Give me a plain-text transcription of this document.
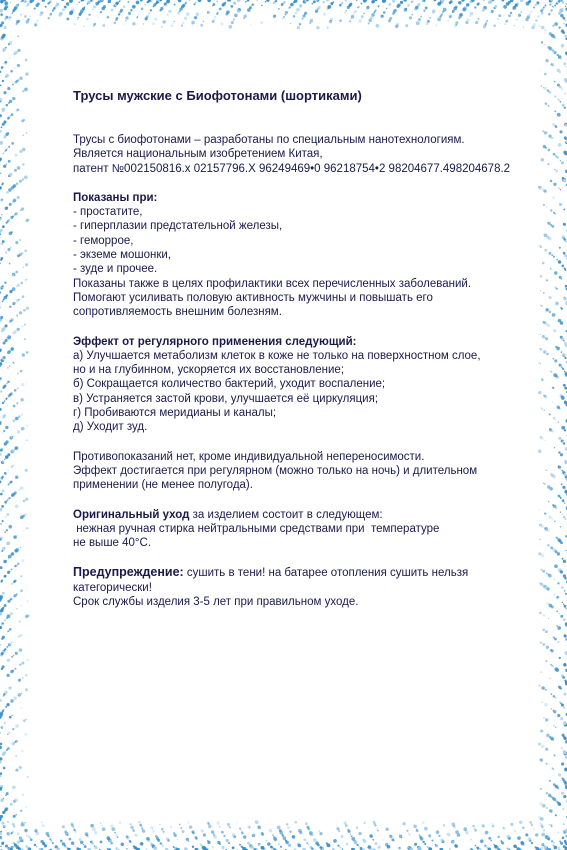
Трусы мужские с Биофотонами (шортиками)

Трусы с биофотонами – разработаны по специальным нанотехнологиям.
Является национальным изобретением Китая,
патент №002150816.х 02157796.Х 96249469•0 96218754•2 98204677.498204678.2
Показаны при:
- простатите,
- гиперплазии предстательной железы,
- геморрое,
- экземе мошонки,
- зуде и прочее.
Показаны также в целях профилактики всех перечисленных заболеваний.
Помогают усиливать половую активность мужчины и повышать его
сопротивляемость внешним болезням.
Эффект от регулярного применения следующий:
а) Улучшается метаболизм клеток в коже не только на поверхностном слое,
но и на глубинном, ускоряется их восстановление;
б) Сокращается количество бактерий, уходит воспаление;
в) Устраняется застой крови, улучшается её циркуляция;
г) Пробиваются меридианы и каналы;
д) Уходит зуд.
Противопоказаний нет, кроме индивидуальной непереносимости.
Эффект достигается при регулярном (можно только на ночь) и длительном
применении (не менее полугода).
Оригинальный уход за изделием состоит в следующем:
нежная ручная стирка нейтральными средствами при  температуре
не выше 40°С.
Предупреждение: сушить в тени! на батарее отопления сушить нельзя
категорически!
Срок службы изделия 3-5 лет при правильном уходе.
